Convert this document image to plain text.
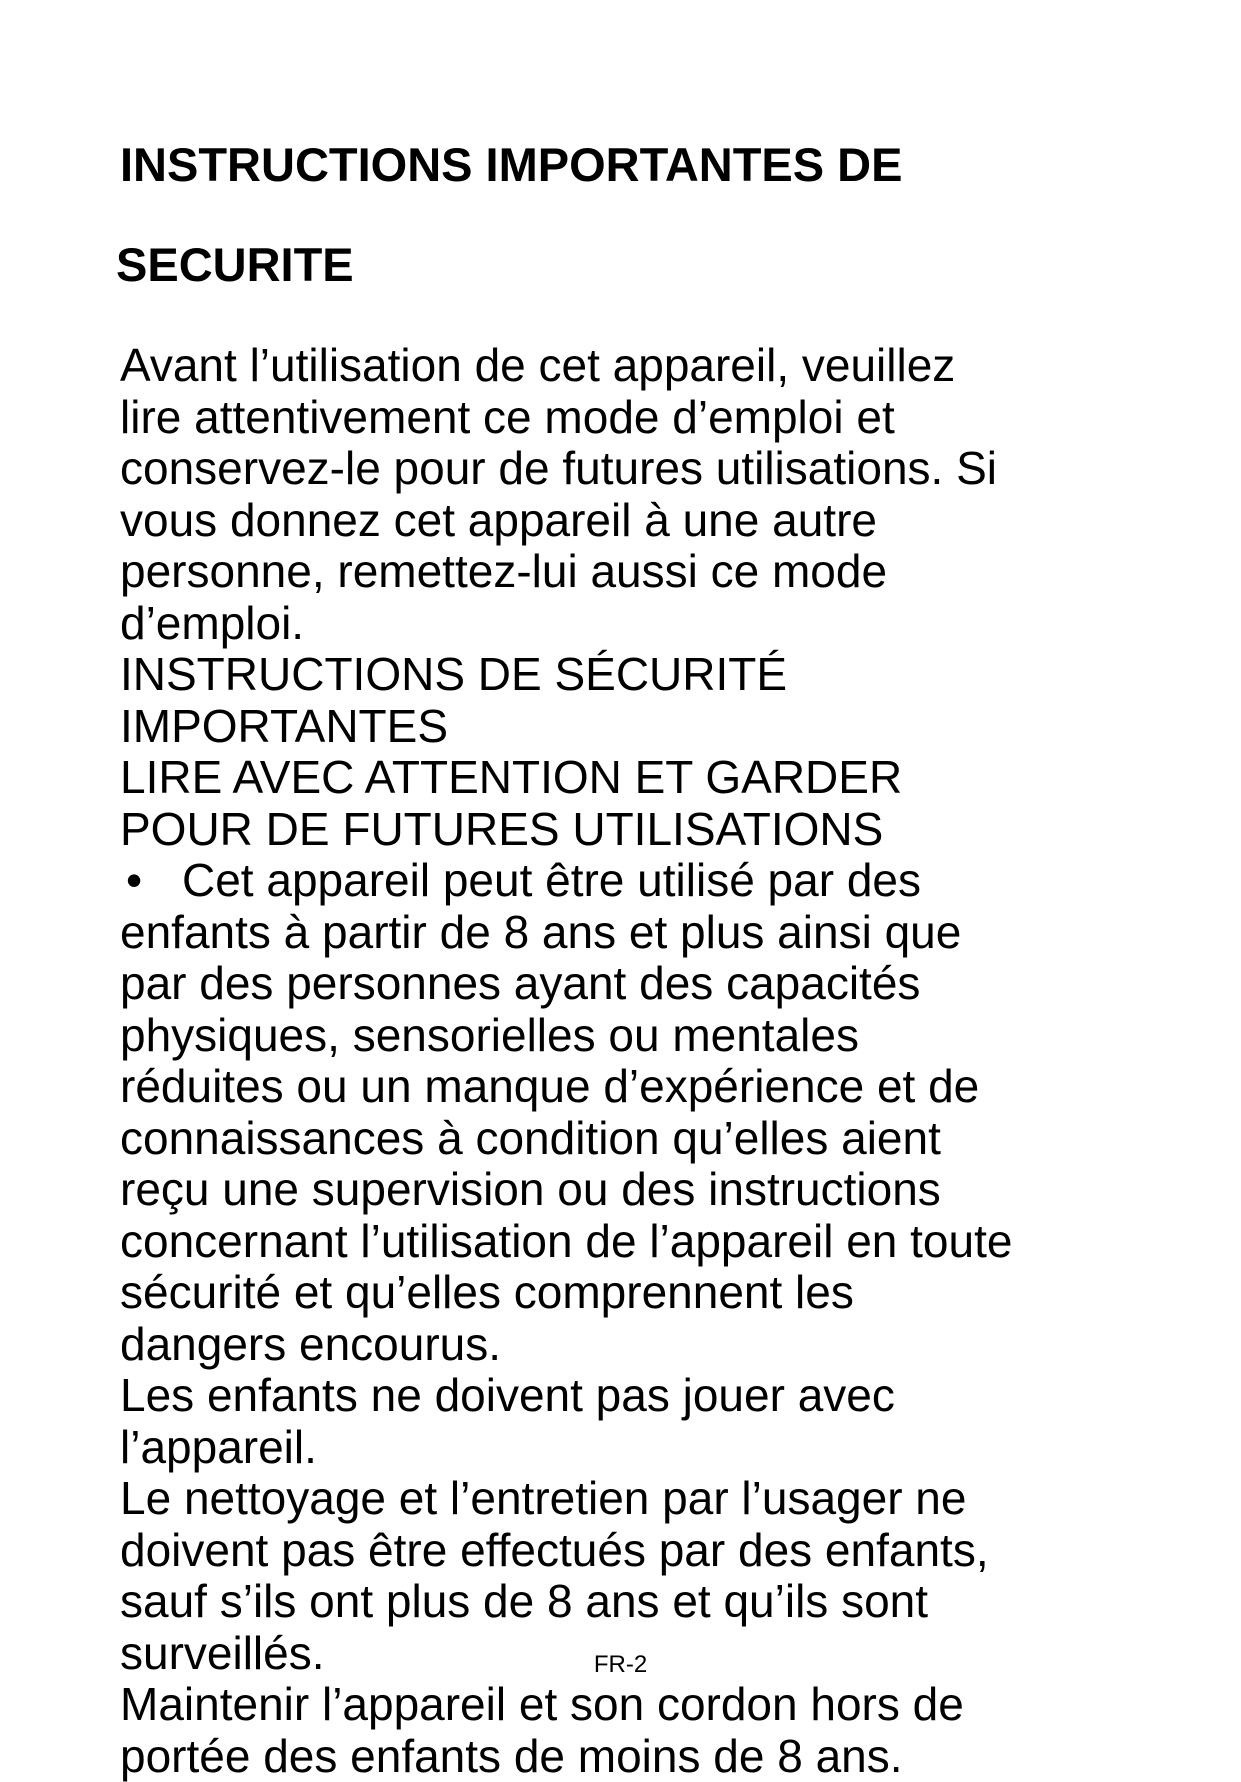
INSTRUCTIONS IMPORTANTES DE

SECURITE

Avant l’utilisation de cet appareil, veuillez
lire attentivement ce mode d’emploi et
conservez-le pour de futures utilisations. Si
vous donnez cet appareil à une autre
personne, remettez-lui aussi ce mode
d’emploi.

INSTRUCTIONS DE SÉCURITÉ
IMPORTANTES

LIRE AVEC ATTENTION ET GARDER
POUR DE FUTURES UTILISATIONS

• Cet appareil peut être utilisé par des

enfants à partir de 8 ans et plus ainsi que
par des personnes ayant des capacités
physiques, sensorielles ou mentales
réduites ou un manque d’expérience et de
connaissances à condition qu’elles aient
reçu une supervision ou des instructions
concernant l’utilisation de l’appareil en toute
sécurité et qu’elles comprennent les
dangers encourus.

Les enfants ne doivent pas jouer avec
l’appareil.

Le nettoyage et l’entretien par l’usager ne
doivent pas être effectués par des enfants,
sauf s’ils ont plus de 8 ans et qu’ils sont
surveillés.

Maintenir l’appareil et son cordon hors de
portée des enfants de moins de 8 ans.

FR-2
